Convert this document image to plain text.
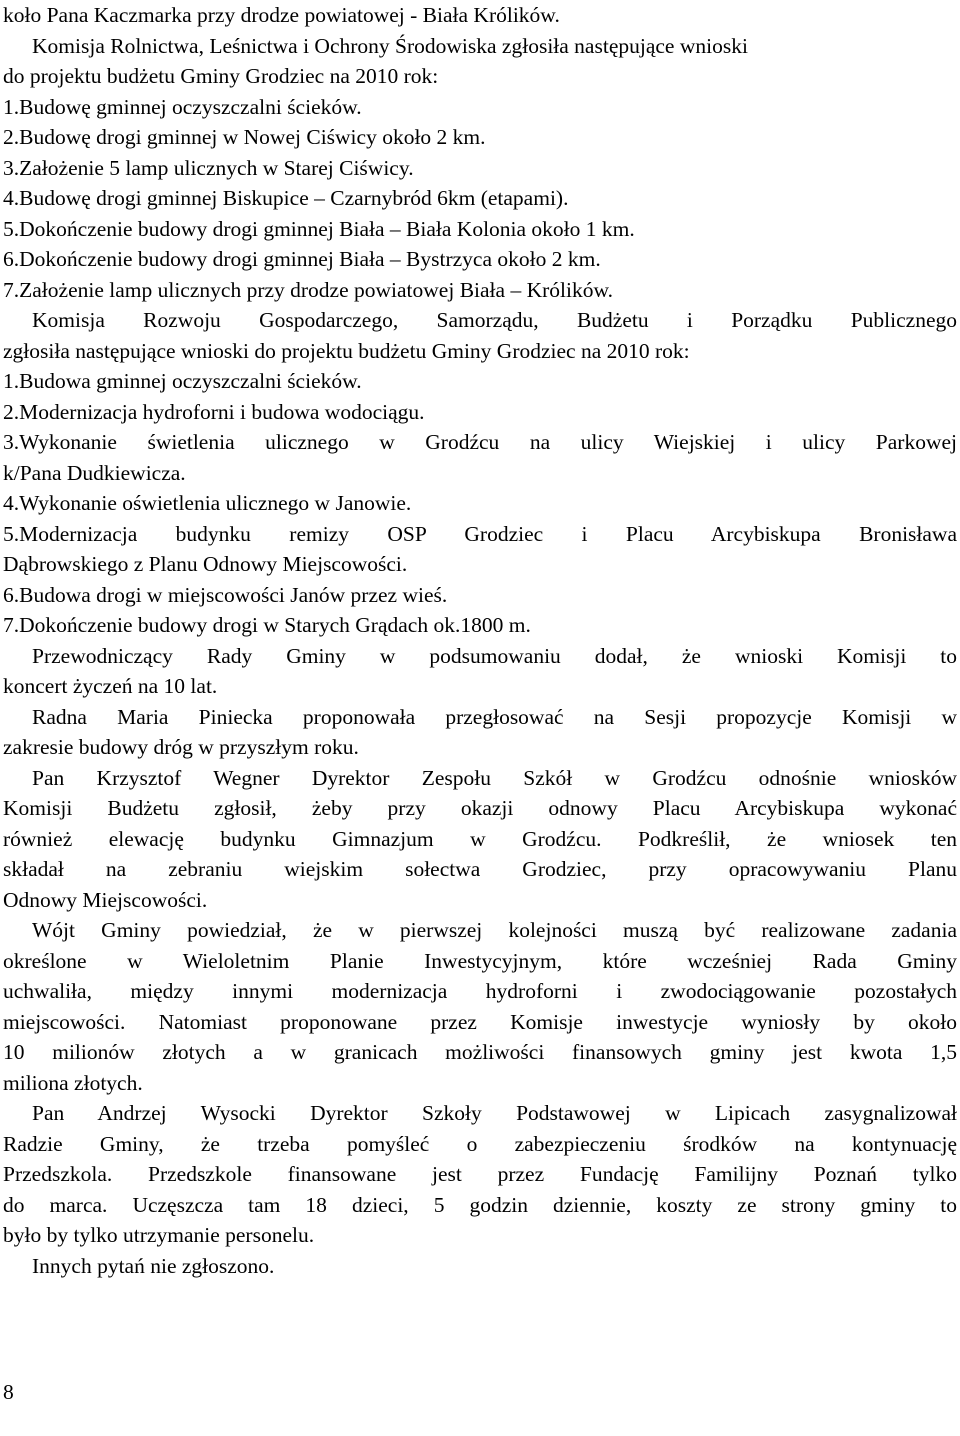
koło Pana Kaczmarka przy drodze powiatowej - Biała Królików.

Komisja Rolnictwa, Leśnictwa i Ochrony Środowiska zgłosiła następujące wnioski

do projektu budżetu Gminy Grodziec na 2010 rok:

1.Budowę gminnej oczyszczalni ścieków.

2.Budowę drogi gminnej w Nowej Ciświcy około 2 km.

3.Założenie 5 lamp ulicznych w Starej Ciświcy.

4.Budowę drogi gminnej Biskupice – Czarnybród 6km (etapami).

5.Dokończenie budowy drogi gminnej Biała – Biała Kolonia około 1 km.

6.Dokończenie budowy drogi gminnej Biała – Bystrzyca około 2 km.

7.Założenie lamp ulicznych przy drodze powiatowej Biała – Królików.

Komisja Rozwoju Gospodarczego, Samorządu, Budżetu i Porządku Publicznego

zgłosiła następujące wnioski do projektu budżetu Gminy Grodziec na 2010 rok:

1.Budowa gminnej oczyszczalni ścieków.

2.Modernizacja hydroforni i budowa wodociągu.

3.Wykonanie świetlenia ulicznego w Grodźcu na ulicy Wiejskiej i ulicy Parkowej

k/Pana Dudkiewicza.

4.Wykonanie oświetlenia ulicznego w Janowie.

5.Modernizacja budynku remizy OSP Grodziec i Placu Arcybiskupa Bronisława

Dąbrowskiego z Planu Odnowy Miejscowości.

6.Budowa drogi w miejscowości Janów przez wieś.

7.Dokończenie budowy drogi w Starych Grądach ok.1800 m.

Przewodniczący Rady Gminy w podsumowaniu dodał, że wnioski Komisji to

koncert życzeń na 10 lat.

Radna Maria Piniecka proponowała przegłosować na Sesji propozycje Komisji w

zakresie budowy dróg w przyszłym roku.

Pan Krzysztof Wegner Dyrektor Zespołu Szkół w Grodźcu odnośnie wniosków

Komisji Budżetu zgłosił, żeby przy okazji odnowy Placu Arcybiskupa wykonać

również elewację budynku Gimnazjum w Grodźcu. Podkreślił, że wniosek ten

składał na zebraniu wiejskim sołectwa Grodziec, przy opracowywaniu Planu

Odnowy Miejscowości.

Wójt Gminy powiedział, że w pierwszej kolejności muszą być realizowane zadania

określone w Wieloletnim Planie Inwestycyjnym, które wcześniej Rada Gminy

uchwaliła, między innymi modernizacja hydroforni i zwodociągowanie pozostałych

miejscowości. Natomiast proponowane przez Komisje inwestycje wyniosły by około

10 milionów złotych a w granicach możliwości finansowych gminy jest kwota 1,5

miliona złotych.

Pan Andrzej Wysocki Dyrektor Szkoły Podstawowej w Lipicach zasygnalizował

Radzie Gminy, że trzeba pomyśleć o zabezpieczeniu środków na kontynuację

Przedszkola. Przedszkole finansowane jest przez Fundację Familijny Poznań tylko

do marca. Uczęszcza tam 18 dzieci, 5 godzin dziennie, koszty ze strony gminy to

było by tylko utrzymanie personelu.

Innych pytań nie zgłoszono.

8
